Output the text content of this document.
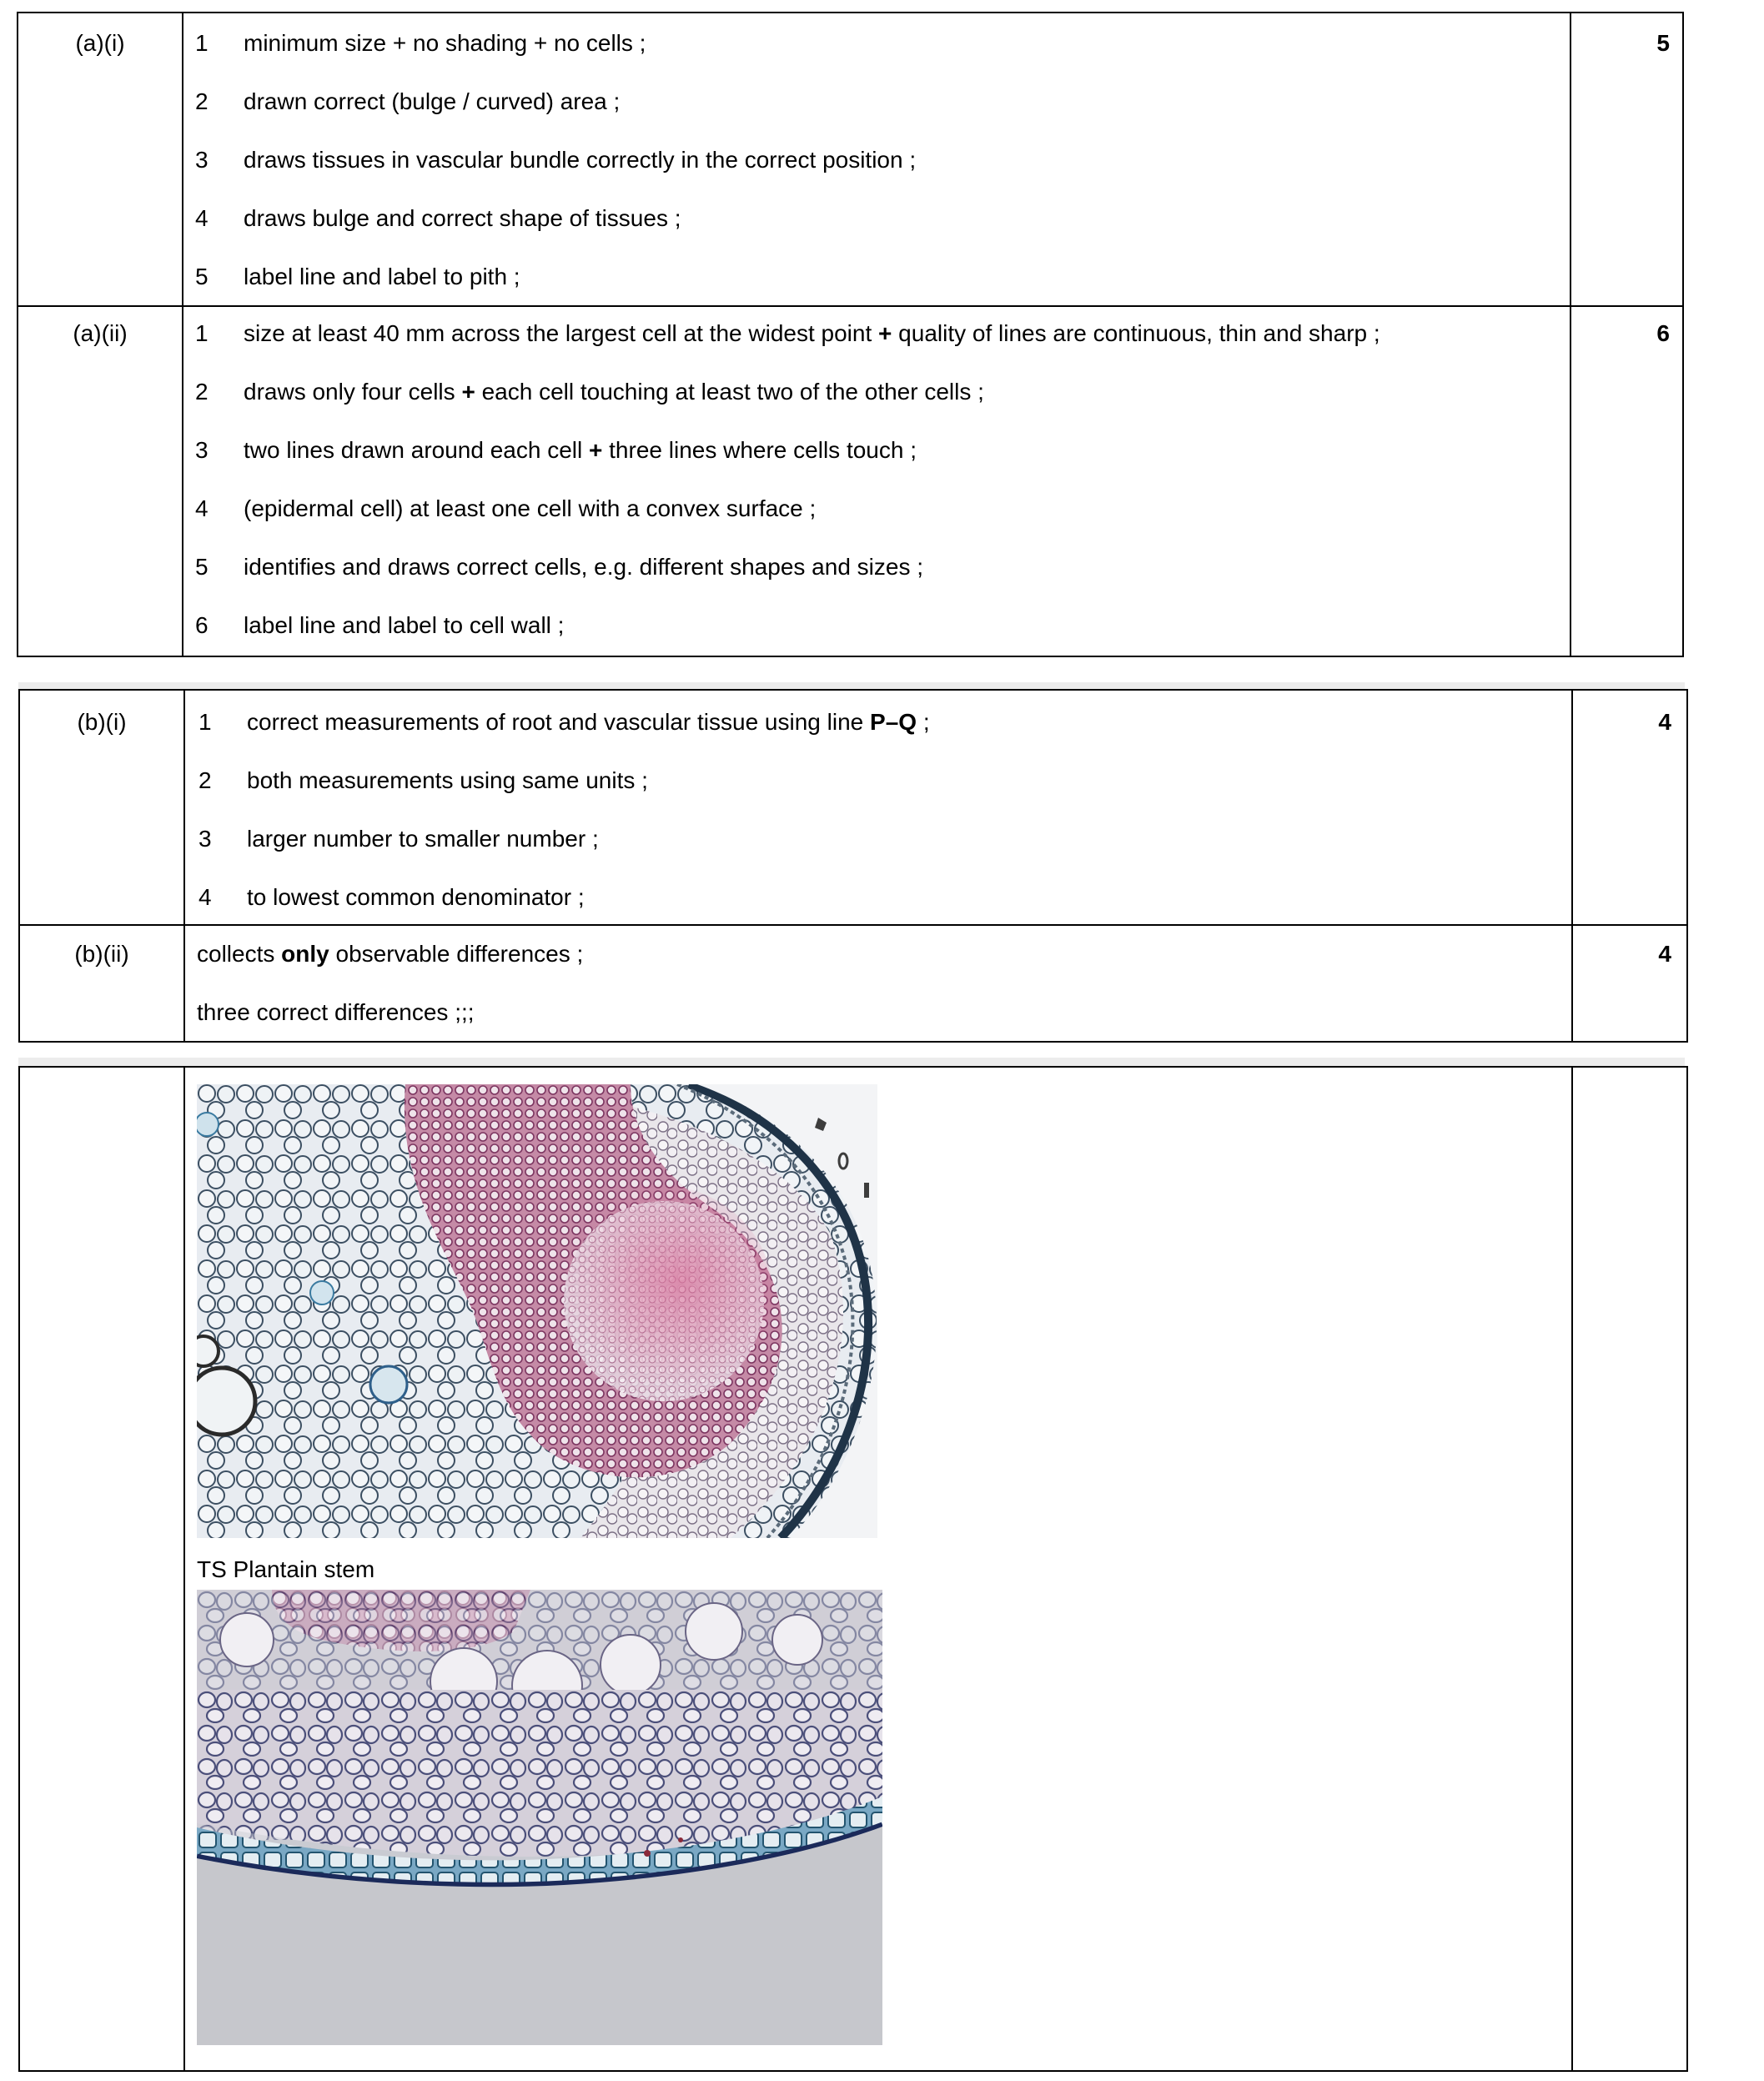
(a)(i)	5
1	minimum size + no shading + no cells ;
2	drawn correct (bulge / curved) area ;
3	draws tissues in vascular bundle correctly in the correct position ;
4	draws bulge and correct shape of tissues ;
5	label line and label to pith ;
(a)(ii)	6
1	size at least 40 mm across the largest cell at the widest point + quality of lines are continuous, thin and sharp ;
2	draws only four cells + each cell touching at least two of the other cells ;
3	two lines drawn around each cell + three lines where cells touch ;
4	(epidermal cell) at least one cell with a convex surface ;
5	identifies and draws correct cells, e.g. different shapes and sizes ;
6	label line and label to cell wall ;
(b)(i)	4
1	correct measurements of root and vascular tissue using line P–Q ;
2	both measurements using same units ;
3	larger number to smaller number ;
4	to lowest common denominator ;
(b)(ii)	4
collects only observable differences ;
three correct differences ;;;
TS Plantain stem
